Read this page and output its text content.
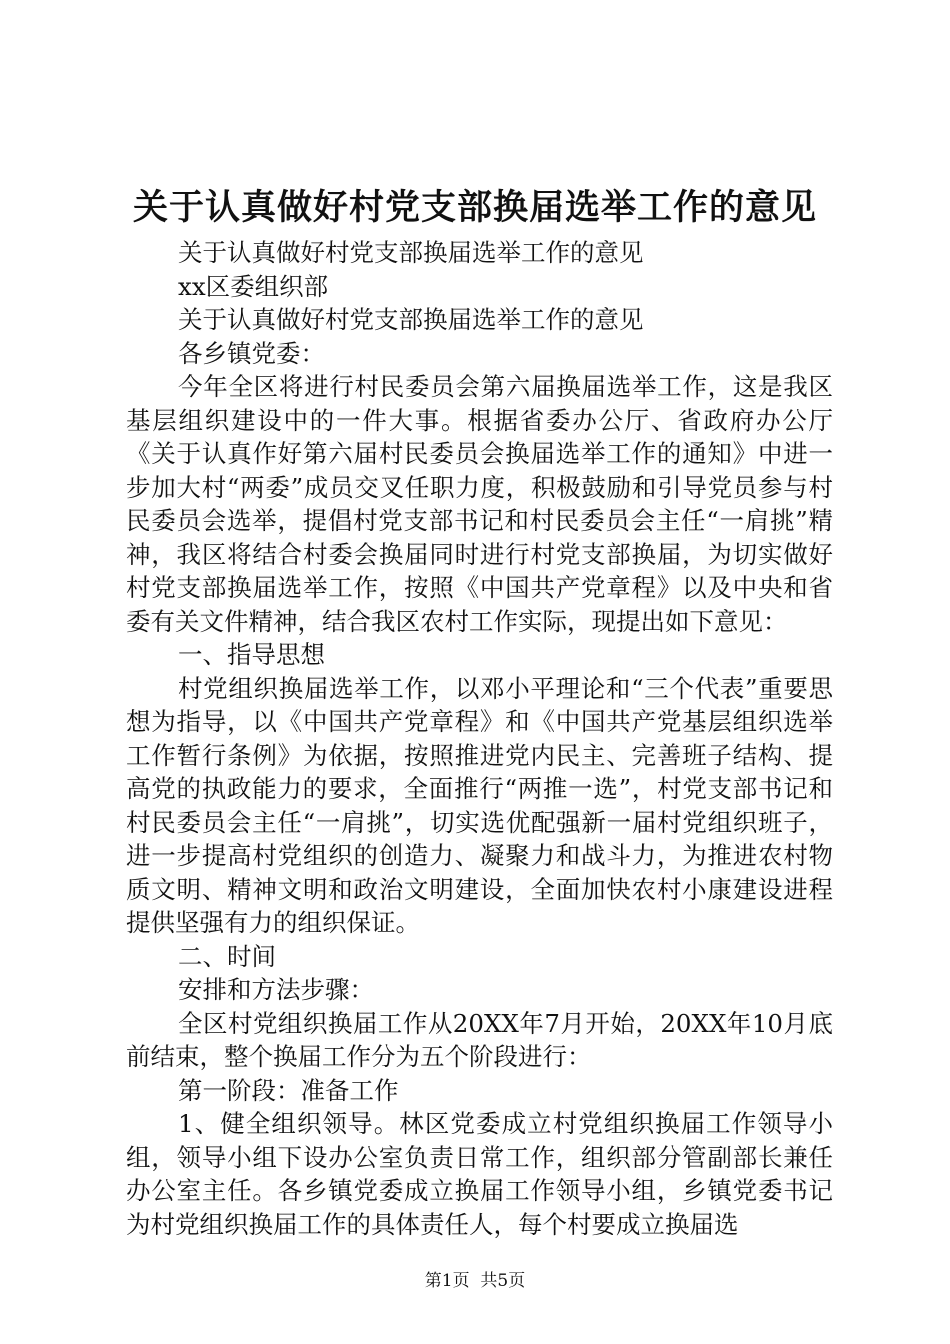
关于认真做好村党支部换届选举工作的意见

关于认真做好村党支部换届选举工作的意见

xx区委组织部

关于认真做好村党支部换届选举工作的意见

各乡镇党委：

今年全区将进行村民委员会第六届换届选举工作，这是我区基层组织建设中的一件大事。根据省委办公厅、省政府办公厅《关于认真作好第六届村民委员会换届选举工作的通知》中进一步加大村“两委”成员交叉任职力度，积极鼓励和引导党员参与村民委员会选举，提倡村党支部书记和村民委员会主任“一肩挑”精神，我区将结合村委会换届同时进行村党支部换届，为切实做好村党支部换届选举工作，按照《中国共产党章程》以及中央和省委有关文件精神，结合我区农村工作实际，现提出如下意见：

一、指导思想

村党组织换届选举工作，以邓小平理论和“三个代表”重要思想为指导，以《中国共产党章程》和《中国共产党基层组织选举工作暂行条例》为依据，按照推进党内民主、完善班子结构、提高党的执政能力的要求，全面推行“两推一选”，村党支部书记和村民委员会主任“一肩挑”，切实选优配强新一届村党组织班子，进一步提高村党组织的创造力、凝聚力和战斗力，为推进农村物质文明、精神文明和政治文明建设，全面加快农村小康建设进程提供坚强有力的组织保证。

二、时间

安排和方法步骤：

全区村党组织换届工作从20XX年7月开始，20XX年10月底前结束，整个换届工作分为五个阶段进行：

第一阶段：准备工作

1、健全组织领导。林区党委成立村党组织换届工作领导小组，领导小组下设办公室负责日常工作，组织部分管副部长兼任办公室主任。各乡镇党委成立换届工作领导小组，乡镇党委书记为村党组织换届工作的具体责任人，每个村要成立换届选

第1页  共5页
